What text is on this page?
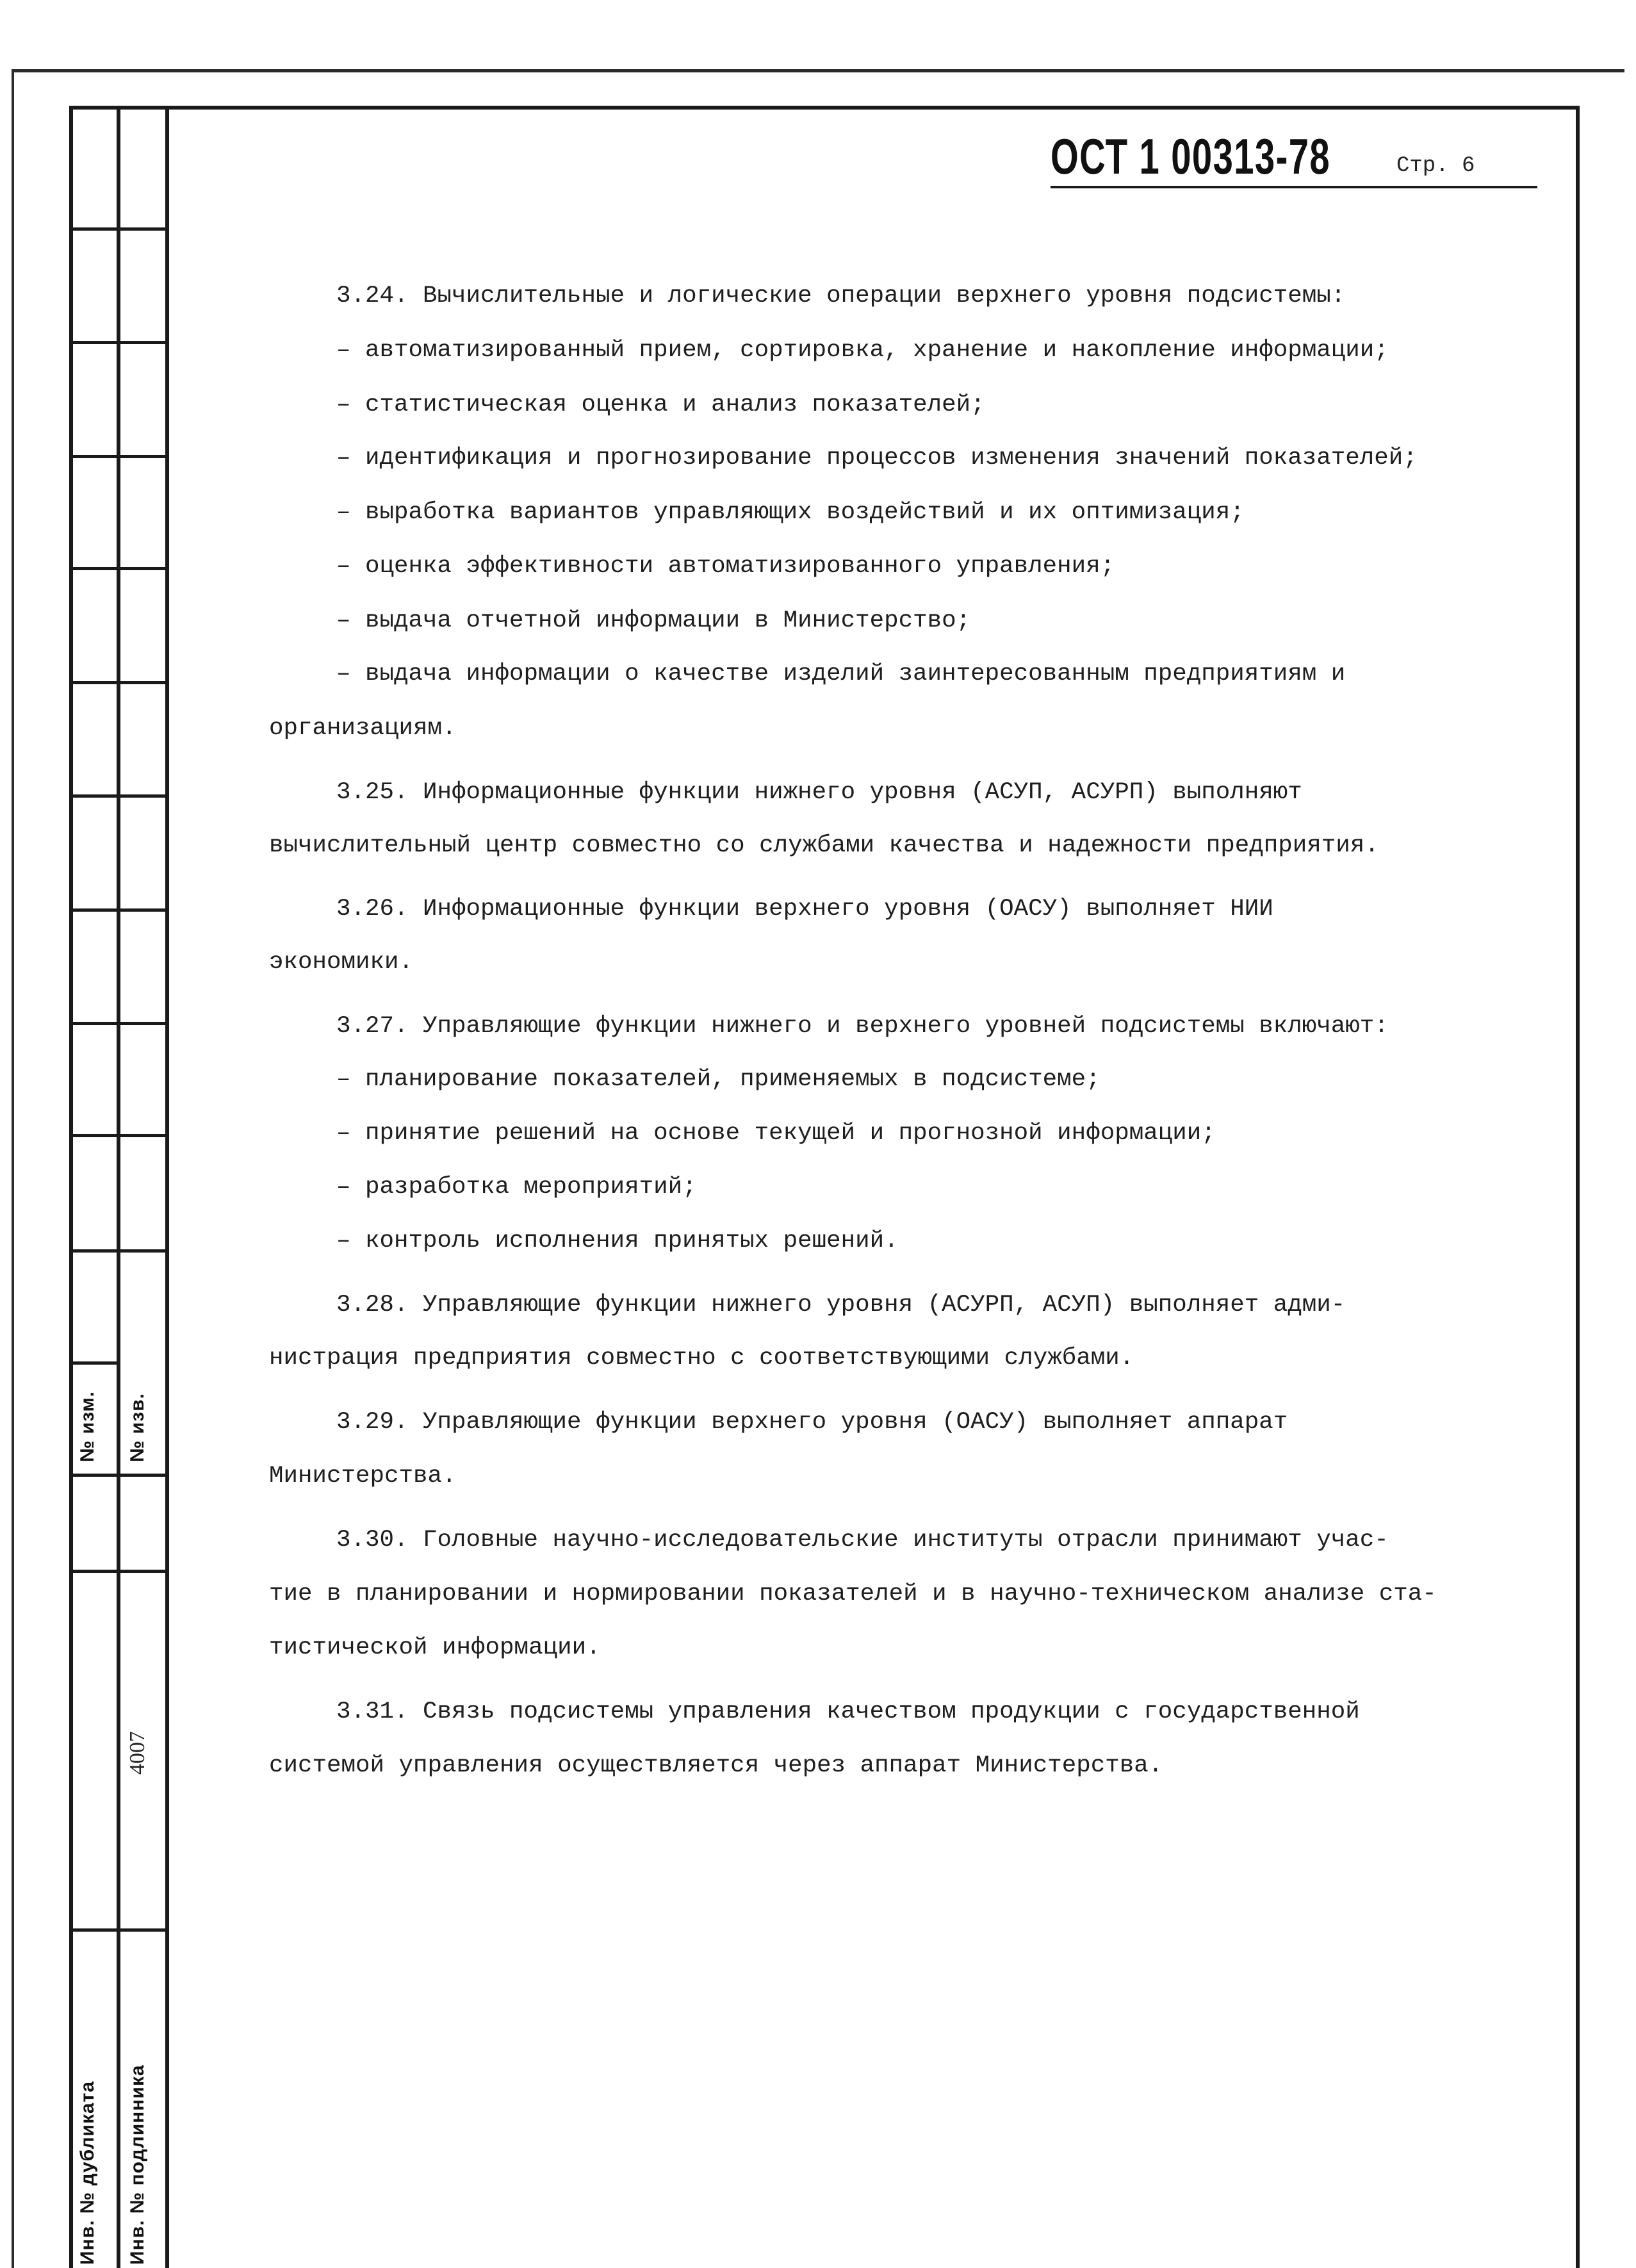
№ изм. № изв.
Инв. № дубликата Инв. № подлинника
4007
ОСТ 1 00313-78	Стр. 6
3.24. Вычислительные и логические операции верхнего уровня подсистемы:
– автоматизированный прием, сортировка, хранение и накопление информации;
– статистическая оценка и анализ показателей;
– идентификация и прогнозирование процессов изменения значений показателей;
– выработка вариантов управляющих воздействий и их оптимизация;
– оценка эффективности автоматизированного управления;
– выдача отчетной информации в Министерство;
– выдача информации о качестве изделий заинтересованным предприятиям и
организациям.
3.25. Информационные функции нижнего уровня (АСУП, АСУРП) выполняют
вычислительный центр совместно со службами качества и надежности предприятия.
3.26. Информационные функции верхнего уровня (ОАСУ) выполняет НИИ
экономики.
3.27. Управляющие функции нижнего и верхнего уровней подсистемы включают:
– планирование показателей, применяемых в подсистеме;
– принятие решений на основе текущей и прогнозной информации;
– разработка мероприятий;
– контроль исполнения принятых решений.
3.28. Управляющие функции нижнего уровня (АСУРП, АСУП) выполняет адми-
нистрация предприятия совместно с соответствующими службами.
3.29. Управляющие функции верхнего уровня (ОАСУ) выполняет аппарат
Министерства.
3.30. Головные научно-исследовательские институты отрасли принимают учас-
тие в планировании и нормировании показателей и в научно-техническом анализе ста-
тистической информации.
3.31. Связь подсистемы управления качеством продукции с государственной
системой управления осуществляется через аппарат Министерства.
